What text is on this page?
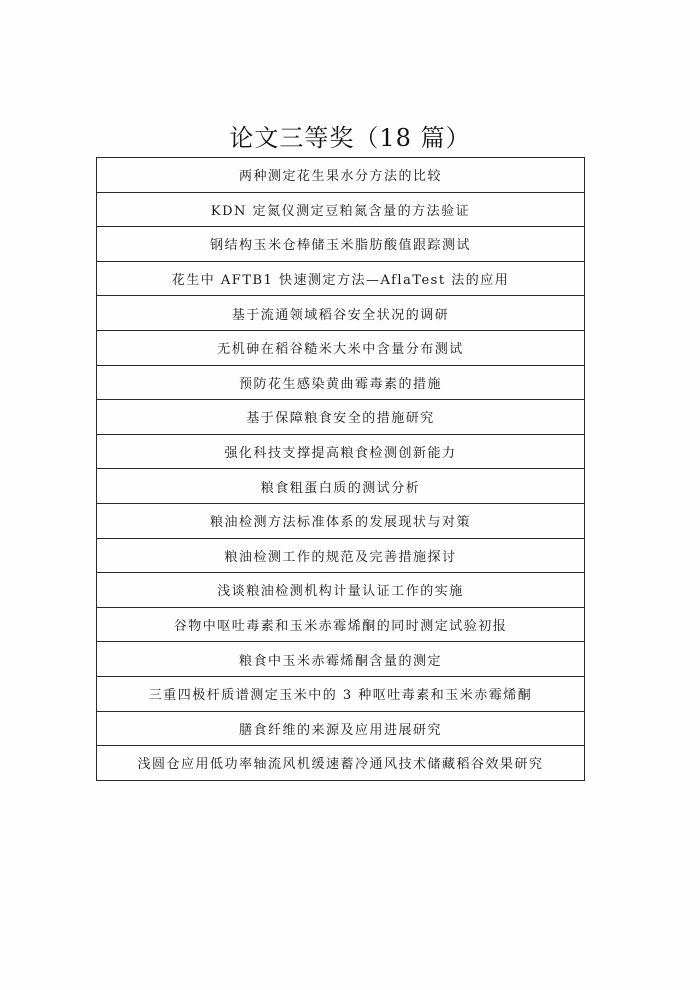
论文三等奖（18 篇）
两种测定花生果水分方法的比较
KDN 定氮仪测定豆粕氮含量的方法验证
钢结构玉米仓棒储玉米脂肪酸值跟踪测试
花生中 AFTB1 快速测定方法—AflaTest 法的应用
基于流通领域稻谷安全状况的调研
无机砷在稻谷糙米大米中含量分布测试
预防花生感染黄曲霉毒素的措施
基于保障粮食安全的措施研究
强化科技支撑提高粮食检测创新能力
粮食粗蛋白质的测试分析
粮油检测方法标准体系的发展现状与对策
粮油检测工作的规范及完善措施探讨
浅谈粮油检测机构计量认证工作的实施
谷物中呕吐毒素和玉米赤霉烯酮的同时测定试验初报
粮食中玉米赤霉烯酮含量的测定
三重四极杆质谱测定玉米中的 3 种呕吐毒素和玉米赤霉烯酮
膳食纤维的来源及应用进展研究
浅圆仓应用低功率轴流风机缓速蓄冷通风技术储藏稻谷效果研究
